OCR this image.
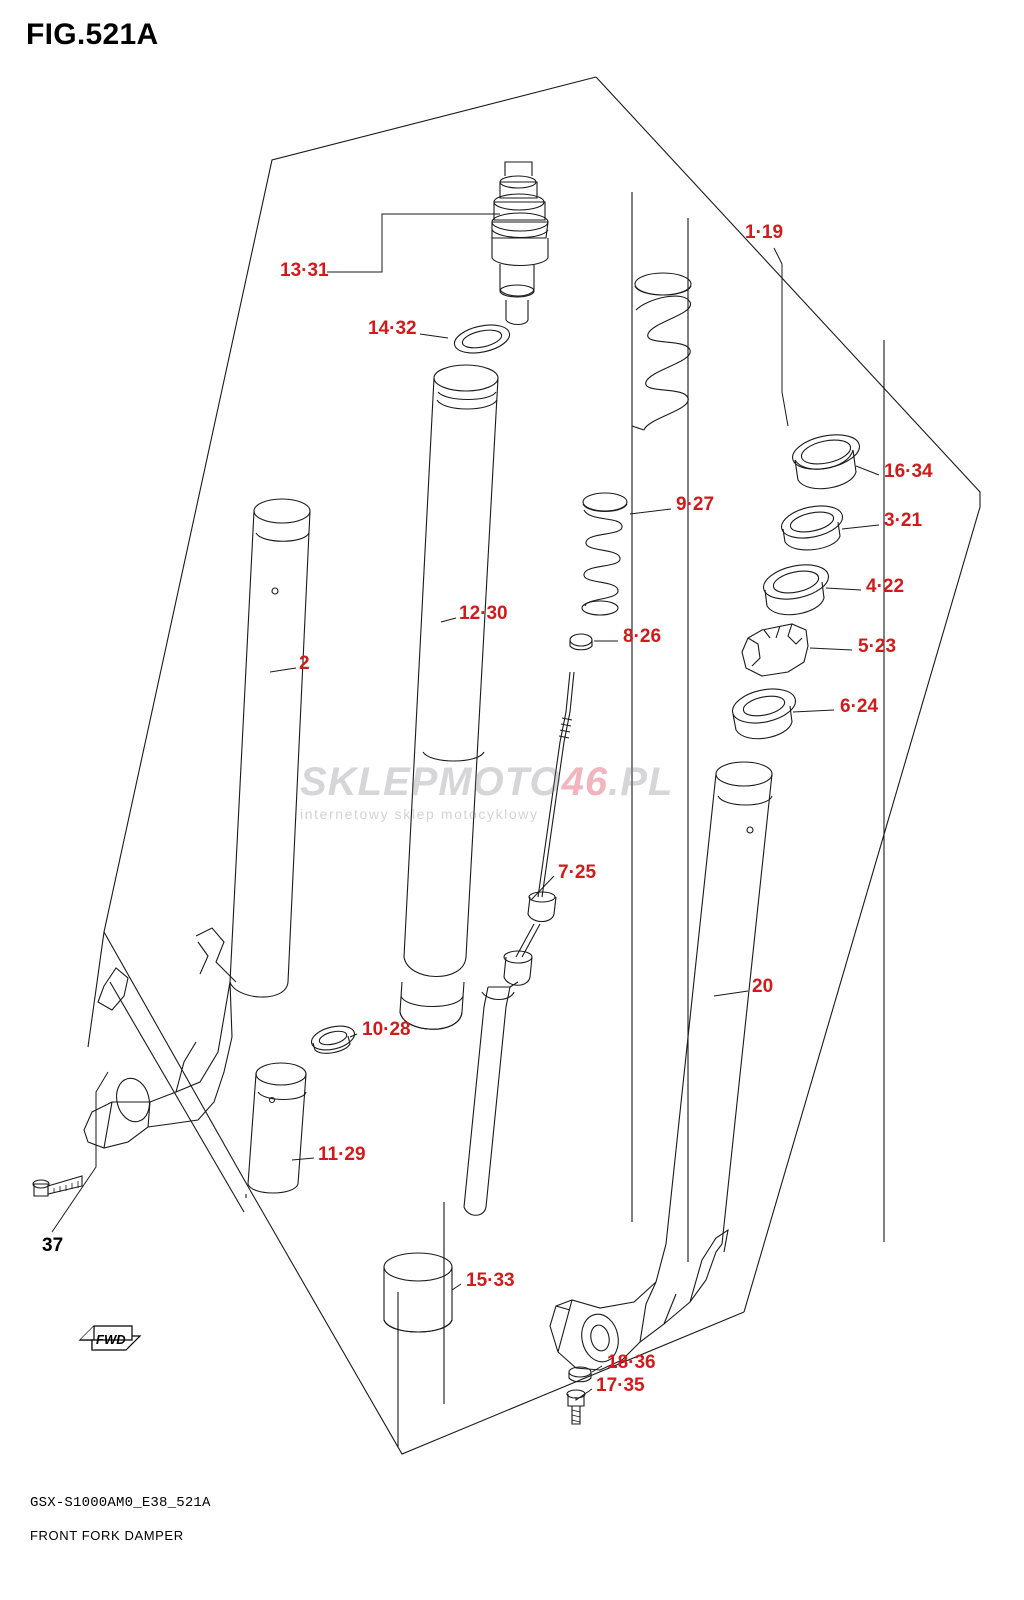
FIG.521A
13·31
14·32
1·19
16·34
3·21
4·22
5·23
6·24
9·27
12·30
8·26
2
7·25
20
10·28
11·29
15·33
18·36
17·35
37
SKLEPMOTO46.PL
internetowy sklep motocyklowy
FWD
GSX-S1000AM0_E38_521A
FRONT FORK DAMPER
